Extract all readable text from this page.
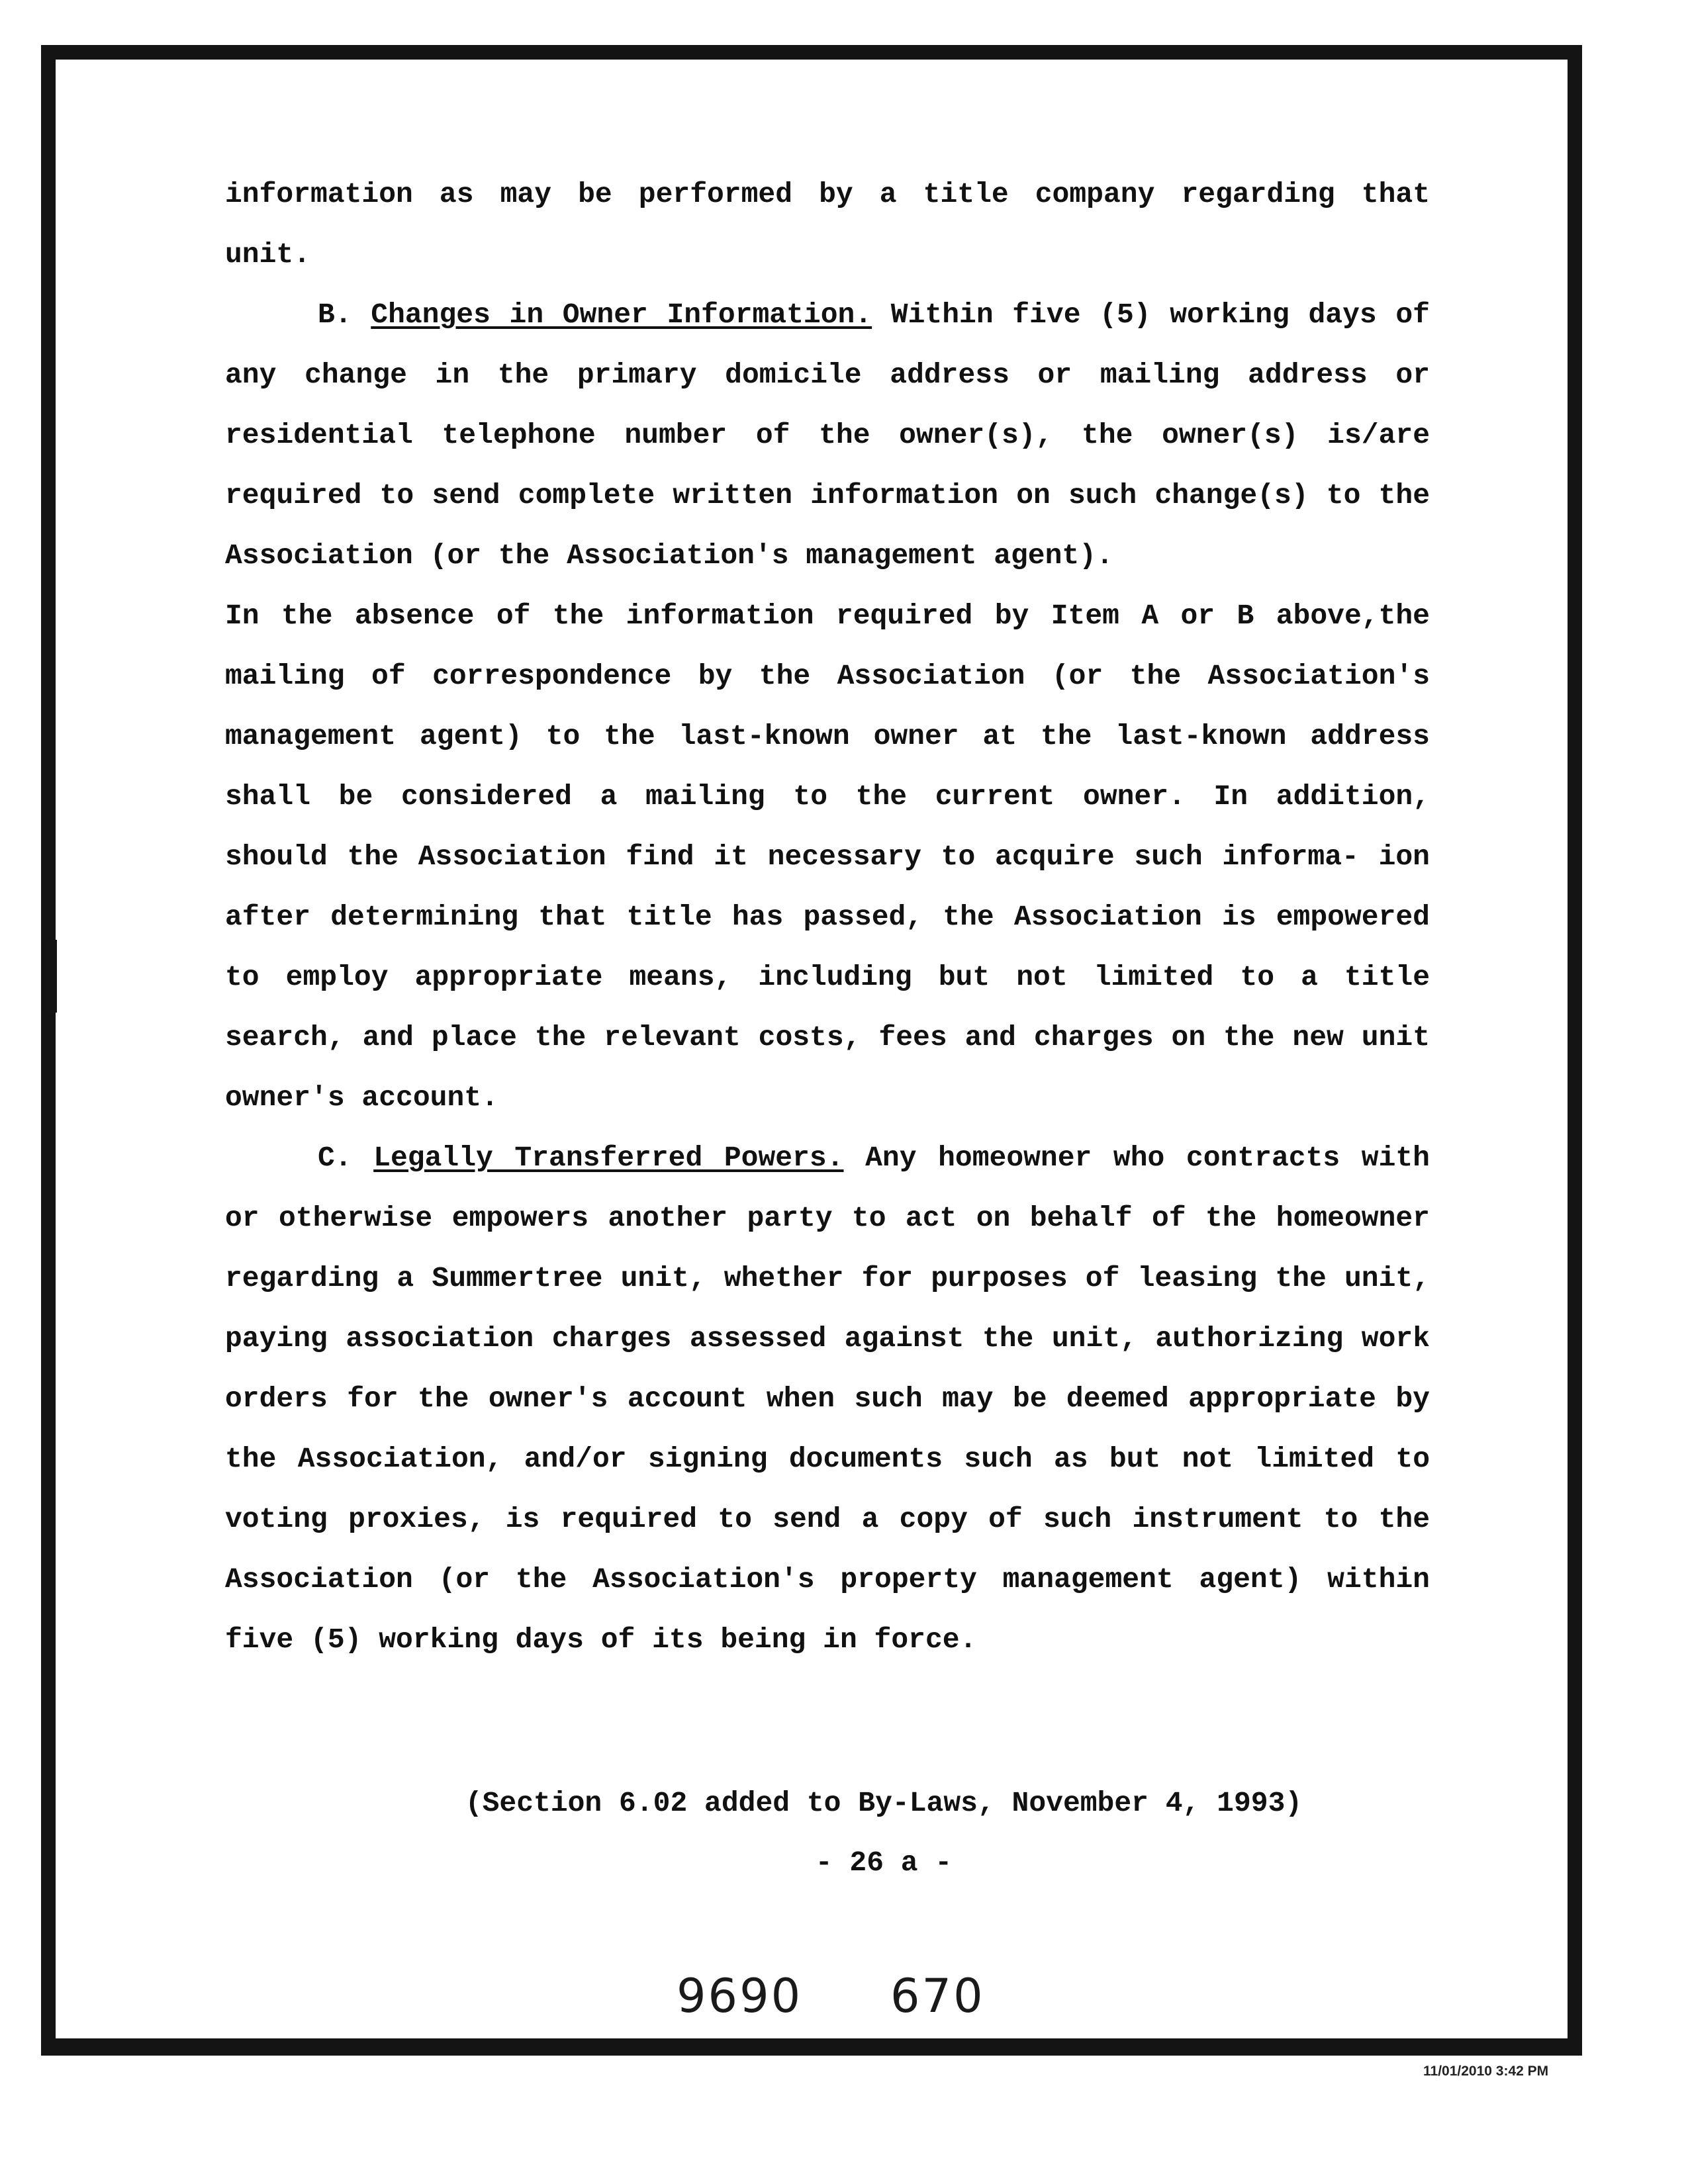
information as may be performed by a title company regarding that unit.

B. Changes in Owner Information. Within five (5) working days of any change in the primary domicile address or mailing address or residential telephone number of the owner(s), the owner(s) is/are required to send complete written information on such change(s) to the Association (or the Association's management agent).

In the absence of the information required by Item A or B above,the mailing of correspondence by the Association (or the Association's management agent) to the last-known owner at the last-known address shall be considered a mailing to the current owner. In addition, should the Association find it necessary to acquire such informa- ion after determining that title has passed, the Association is empowered to employ appropriate means, including but not limited to a title search, and place the relevant costs, fees and charges on the new unit owner's account.

C. Legally Transferred Powers. Any homeowner who contracts with or otherwise empowers another party to act on behalf of the homeowner regarding a Summertree unit, whether for purposes of leasing the unit, paying association charges assessed against the unit, authorizing work orders for the owner's account when such may be deemed appropriate by the Association, and/or signing documents such as but not limited to voting proxies, is required to send a copy of such instrument to the Association (or the Association's property management agent) within five (5) working days of its being in force.

(Section 6.02 added to By-Laws, November 4, 1993)
- 26 a -
9690 670
11/01/2010 3:42 PM
